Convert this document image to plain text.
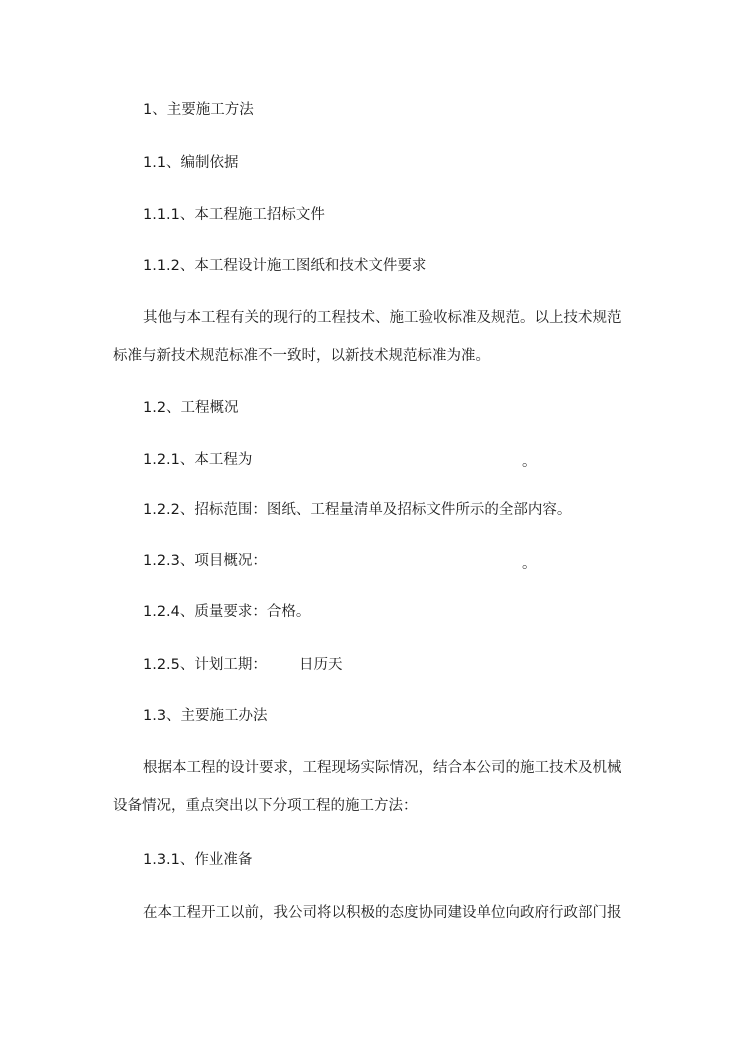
1、主要施工方法
1.1、编制依据
1.1.1、本工程施工招标文件
1.1.2、本工程设计施工图纸和技术文件要求
其他与本工程有关的现行的工程技术、施工验收标准及规范。以上技术规范
标准与新技术规范标准不一致时，以新技术规范标准为准。
1.2、工程概况
1.2.1、本工程为	。
1.2.2、招标范围：图纸、工程量清单及招标文件所示的全部内容。
1.2.3、项目概况：	。
1.2.4、质量要求：合格。
1.2.5、计划工期： 日历天
1.3、主要施工办法
根据本工程的设计要求，工程现场实际情况，结合本公司的施工技术及机械
设备情况，重点突出以下分项工程的施工方法：
1.3.1、作业准备
在本工程开工以前，我公司将以积极的态度协同建设单位向政府行政部门报
